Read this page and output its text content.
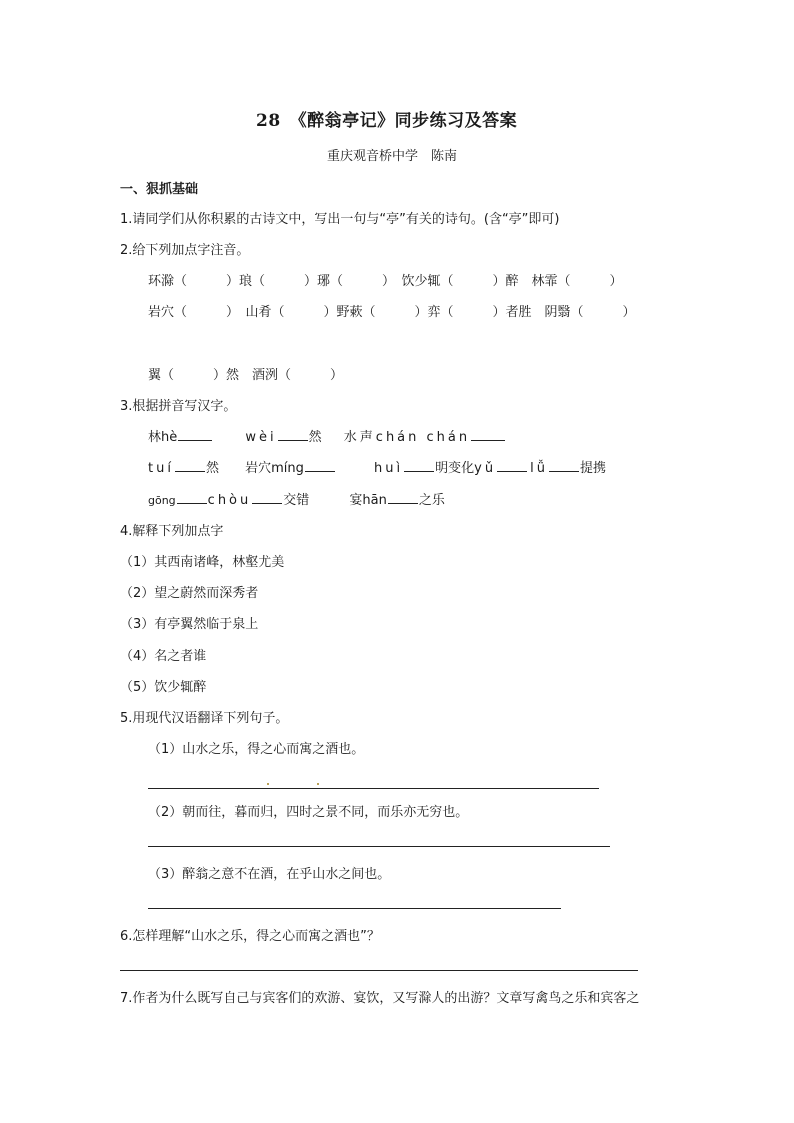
28　《醉翁亭记》同步练习及答案
重庆观音桥中学　陈南
一、狠抓基础
1.请同学们从你积累的古诗文中，写出一句与“亭”有关的诗句。(含“亭”即可)
2.给下列加点字注音。
环滁（　　　）琅（　　　）琊（　　　）　饮少辄（　　　）醉　林霏（　　　）
岩穴（　　　）　山肴（　　　）野蔌（　　　）弈（　　　）者胜　阴翳（　　　）
翼（　　　）然　酒洌（　　　）
3.根据拼音写汉字。
林hè	wèi 然 水声chán chán
tuí 然 岩穴míng	huì 明变化yǔ	lǚ 提携
gōng chòu 交错	宴hān 之乐
4.解释下列加点字
（1）其西南诸峰，林壑尤美
（2）望之蔚然而深秀者
（3）有亭翼然临于泉上
（4）名之者谁
（5）饮少辄醉
5.用现代汉语翻译下列句子。
（1）山水之乐，得之心而寓之酒也。
（2）朝而往，暮而归，四时之景不同，而乐亦无穷也。
（3）醉翁之意不在酒，在乎山水之间也。
6.怎样理解“山水之乐，得之心而寓之酒也”？
7.作者为什么既写自己与宾客们的欢游、宴饮，又写滁人的出游？文章写禽鸟之乐和宾客之
